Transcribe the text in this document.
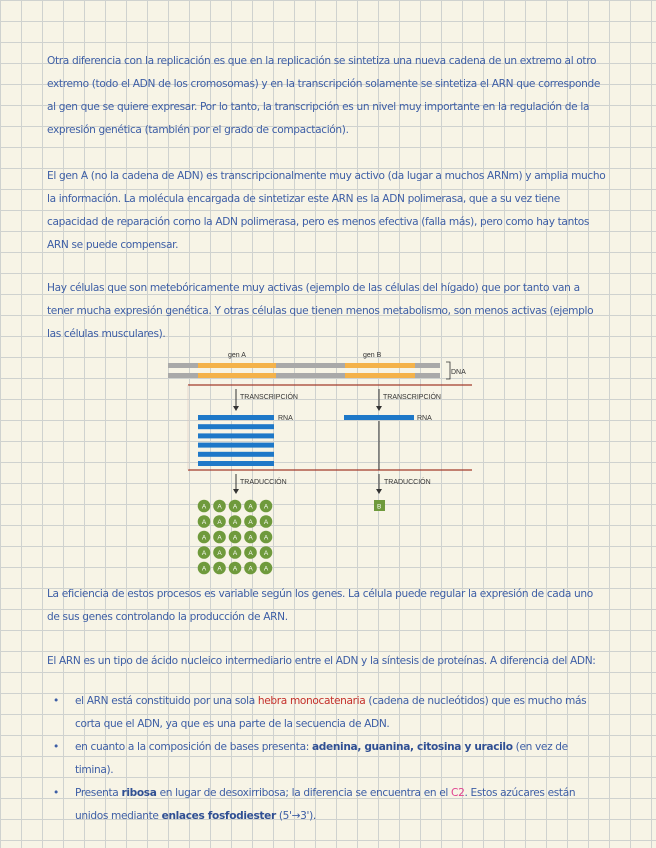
Otra diferencia con la replicación es que en la replicación se sintetiza una nueva cadena de un extremo al otro extremo (todo el ADN de los cromosomas) y en la transcripción solamente se sintetiza el ARN que corresponde al gen que se quiere expresar. Por lo tanto, la transcripción es un nivel muy importante en la regulación de la expresión genética (también por el grado de compactación).

El gen A (no la cadena de ADN) es transcripcionalmente muy activo (da lugar a muchos ARNm) y amplia mucho la información. La molécula encargada de sintetizar este ARN es la ADN polimerasa, que a su vez tiene capacidad de reparación como la ADN polimerasa, pero es menos efectiva (falla más), pero como hay tantos ARN se puede compensar.

Hay células que son metebóricamente muy activas (ejemplo de las células del hígado) que por tanto van a tener mucha expresión genética. Y otras células que tienen menos metabolismo, son menos activas (ejemplo las células musculares).

gen A	gen B
DNA
TRANSCRIPCIÓN	TRANSCRIPCIÓN
RNA	RNA
TRADUCCIÓN	TRADUCCIÓN
A A A A A
A A A A A
A A A A A
A A A A A
A A A A A
B

La eficiencia de estos procesos es variable según los genes. La célula puede regular la expresión de cada uno de sus genes controlando la producción de ARN.

El ARN es un tipo de ácido nucleico intermediario entre el ADN y la síntesis de proteínas. A diferencia del ADN:

• el ARN está constituido por una sola hebra monocatenaria (cadena de nucleótidos) que es mucho más corta que el ADN, ya que es una parte de la secuencia de ADN.
• en cuanto a la composición de bases presenta: adenina, guanina, citosina y uracilo (en vez de timina).
• Presenta ribosa en lugar de desoxirribosa; la diferencia se encuentra en el C2. Estos azúcares están unidos mediante enlaces fosfodiester (5'→3').
